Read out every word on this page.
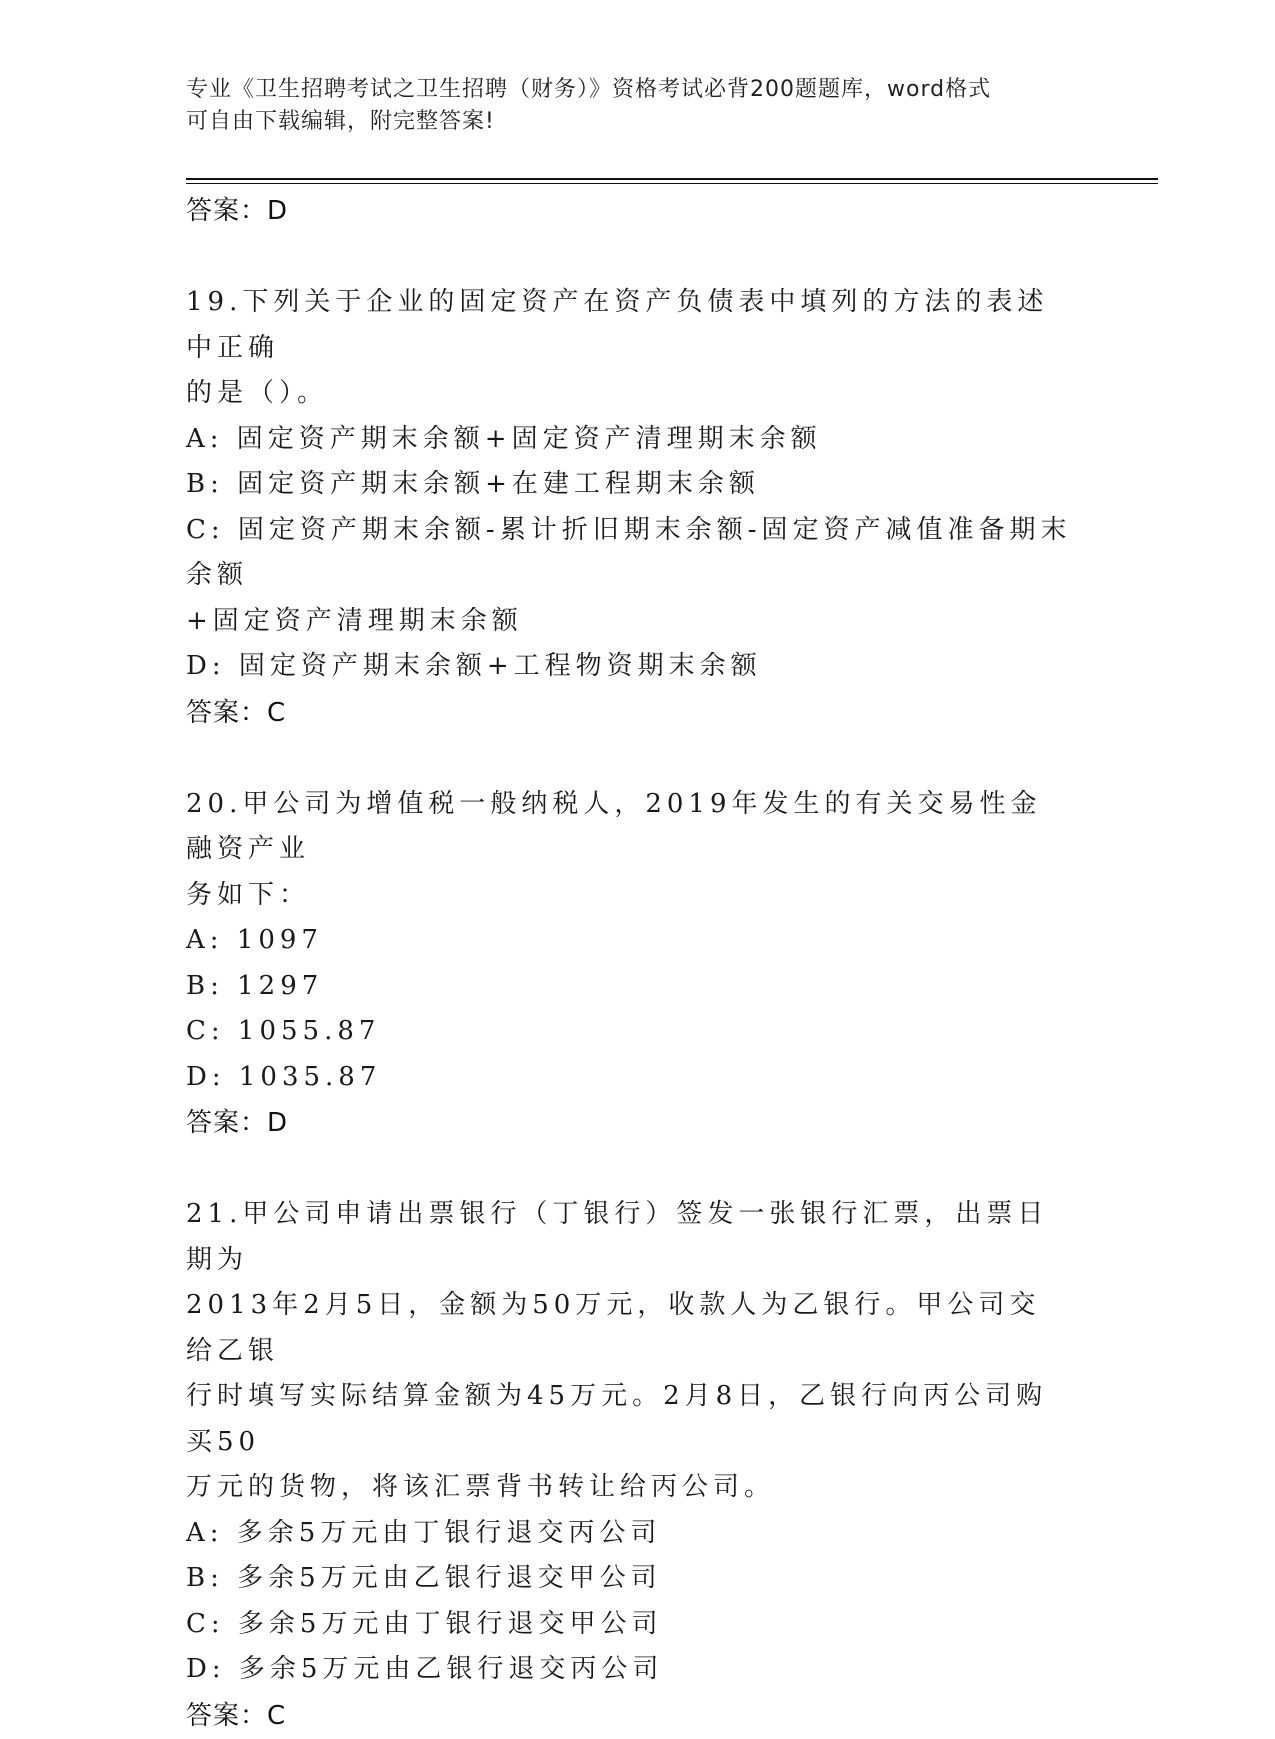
专业《卫生招聘考试之卫生招聘（财务）》资格考试必背200题题库，word格式
可自由下载编辑，附完整答案!
答案：D
19.下列关于企业的固定资产在资产负债表中填列的方法的表述中正确
的是（）。
A: 固定资产期末余额+固定资产清理期末余额
B: 固定资产期末余额+在建工程期末余额
C: 固定资产期末余额-累计折旧期末余额-固定资产减值准备期末余额
+固定资产清理期末余额
D: 固定资产期末余额+工程物资期末余额
答案：C
20.甲公司为增值税一般纳税人，2019年发生的有关交易性金融资产业
务如下：
A: 1097
B: 1297
C: 1055.87
D: 1035.87
答案：D
21.甲公司申请出票银行（丁银行）签发一张银行汇票，出票日期为
2013年2月5日，金额为50万元，收款人为乙银行。甲公司交给乙银
行时填写实际结算金额为45万元。2月8日，乙银行向丙公司购买50
万元的货物，将该汇票背书转让给丙公司。
A: 多余5万元由丁银行退交丙公司
B: 多余5万元由乙银行退交甲公司
C: 多余5万元由丁银行退交甲公司
D: 多余5万元由乙银行退交丙公司
答案：C
